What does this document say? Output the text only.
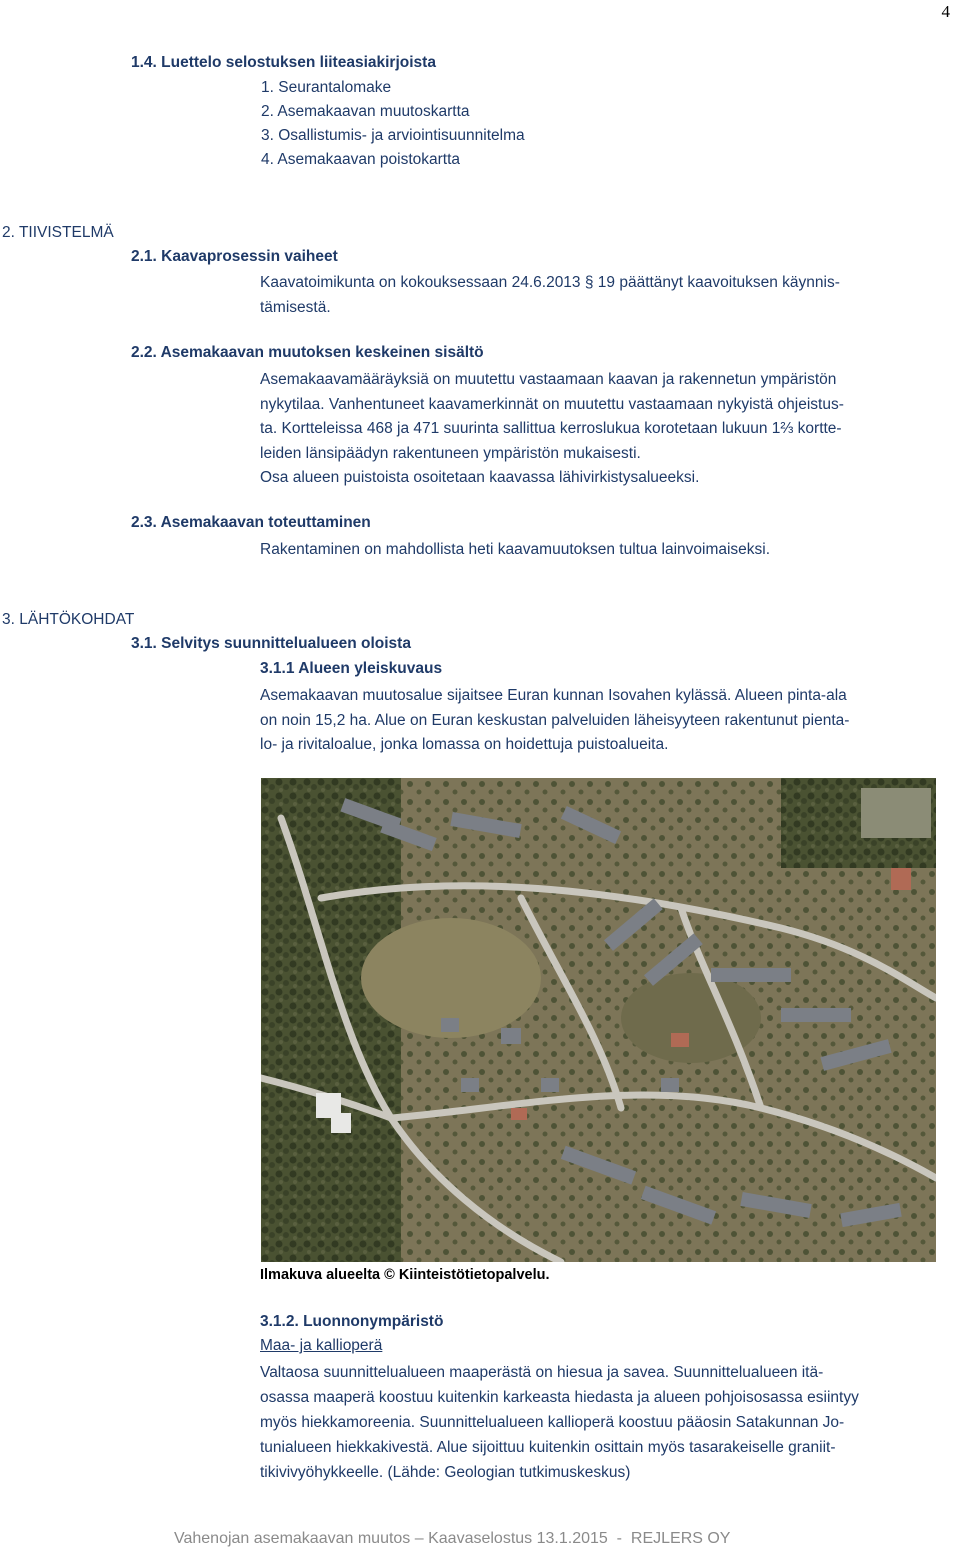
4
1.4. Luettelo selostuksen liiteasiakirjoista
1. Seurantalomake
2. Asemakaavan muutoskartta
3. Osallistumis- ja arviointisuunnitelma
4. Asemakaavan poistokartta
2. TIIVISTELMÄ
2.1. Kaavaprosessin vaiheet
Kaavatoimikunta on kokouksessaan 24.6.2013 § 19 päättänyt kaavoituksen käynnis-
tämisestä.
2.2. Asemakaavan muutoksen keskeinen sisältö
Asemakaavamääräyksiä on muutettu vastaamaan kaavan ja rakennetun ympäristön
nykytilaa. Vanhentuneet kaavamerkinnät on muutettu vastaamaan nykyistä ohjeistus-
ta. Kortteleissa 468 ja 471 suurinta sallittua kerroslukua korotetaan lukuun 1⅔ kortte-
leiden länsipäädyn rakentuneen ympäristön mukaisesti.
Osa alueen puistoista osoitetaan kaavassa lähivirkistysalueeksi.
2.3. Asemakaavan toteuttaminen
Rakentaminen on mahdollista heti kaavamuutoksen tultua lainvoimaiseksi.
3. LÄHTÖKOHDAT
3.1. Selvitys suunnittelualueen oloista
3.1.1 Alueen yleiskuvaus
Asemakaavan muutosalue sijaitsee Euran kunnan Isovahen kylässä. Alueen pinta-ala
on noin 15,2 ha. Alue on Euran keskustan palveluiden läheisyyteen rakentunut pienta-
lo- ja rivitaloalue, jonka lomassa on hoidettuja puistoalueita.
Ilmakuva alueelta © Kiinteistötietopalvelu.
3.1.2. Luonnonympäristö
Maa- ja kallioperä
Valtaosa suunnittelualueen maaperästä on hiesua ja savea. Suunnittelualueen itä-
osassa maaperä koostuu kuitenkin karkeasta hiedasta ja alueen pohjoisosassa esiintyy
myös hiekkamoreenia. Suunnittelualueen kallioperä koostuu pääosin Satakunnan Jo-
tunialueen hiekkakivestä. Alue sijoittuu kuitenkin osittain myös tasarakeiselle graniit-
tikivivyöhykkeelle. (Lähde: Geologian tutkimuskeskus)
Vahenojan asemakaavan muutos – Kaavaselostus 13.1.2015  -  REJLERS OY
